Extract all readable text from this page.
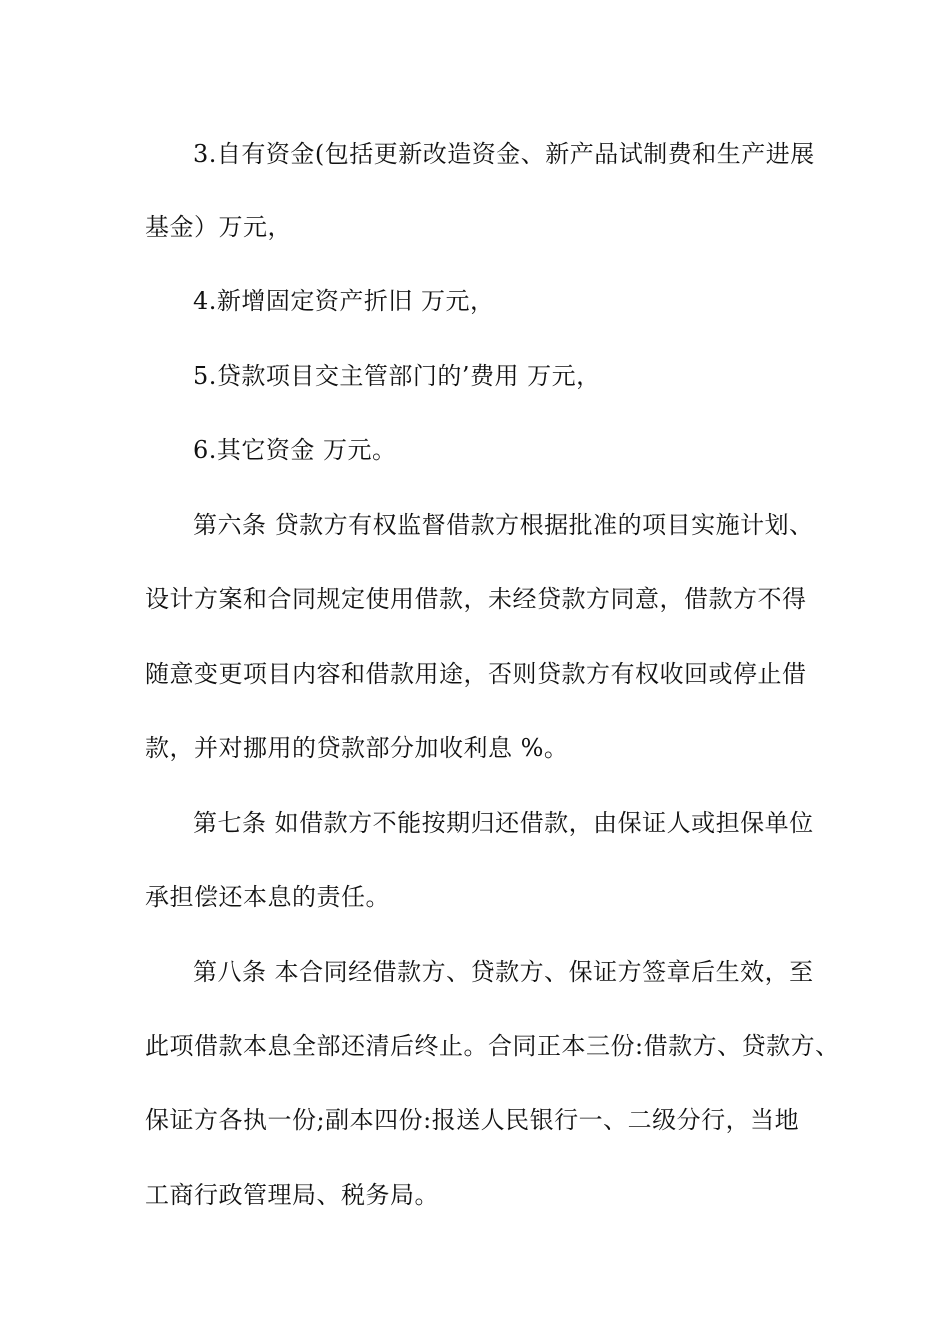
3.自有资金(包括更新改造资金、新产品试制费和生产进展
基金）万元，
4.新增固定资产折旧 万元，
5.贷款项目交主管部门的’费用 万元，
6.其它资金 万元。
第六条 贷款方有权监督借款方根据批准的项目实施计划、
设计方案和合同规定使用借款，未经贷款方同意，借款方不得
随意变更项目内容和借款用途，否则贷款方有权收回或停止借
款，并对挪用的贷款部分加收利息 %。
第七条 如借款方不能按期归还借款，由保证人或担保单位
承担偿还本息的责任。
第八条 本合同经借款方、贷款方、保证方签章后生效，至
此项借款本息全部还清后终止。合同正本三份:借款方、贷款方、
保证方各执一份;副本四份:报送人民银行一、二级分行，当地
工商行政管理局、税务局。
